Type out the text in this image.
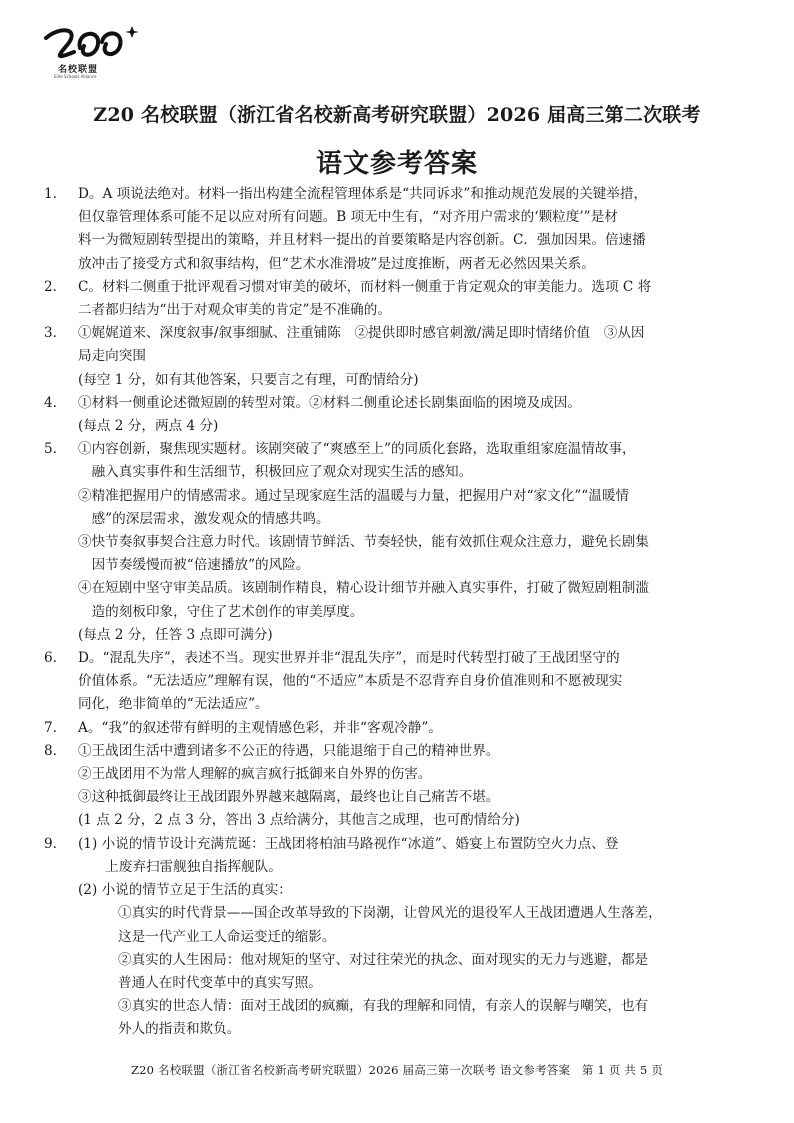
名校联盟
Elite Schools Alliance
Z20 名校联盟（浙江省名校新高考研究联盟）2026 届高三第二次联考
语文参考答案
1. D。A 项说法绝对。材料一指出构建全流程管理体系是“共同诉求”和推动规范发展的关键举措，

但仅靠管理体系可能不足以应对所有问题。B 项无中生有，“对齐用户需求的‘颗粒度’”是材

料一为微短剧转型提出的策略，并且材料一提出的首要策略是内容创新。C．强加因果。倍速播

放冲击了接受方式和叙事结构，但“艺术水准滑坡”是过度推断，两者无必然因果关系。

2. C。材料二侧重于批评观看习惯对审美的破坏，而材料一侧重于肯定观众的审美能力。选项 C 将

二者都归结为“出于对观众审美的肯定”是不准确的。

3. ①娓娓道来、深度叙事/叙事细腻、注重铺陈　②提供即时感官刺激/满足即时情绪价值　③从因

局走向突围

(每空 1 分，如有其他答案，只要言之有理，可酌情给分)

4. ①材料一侧重论述微短剧的转型对策。②材料二侧重论述长剧集面临的困境及成因。

(每点 2 分，两点 4 分)

5. ①内容创新，聚焦现实题材。该剧突破了“爽感至上”的同质化套路，选取重组家庭温情故事，

　融入真实事件和生活细节，积极回应了观众对现实生活的感知。

②精准把握用户的情感需求。通过呈现家庭生活的温暖与力量，把握用户对“家文化”“温暖情

　感”的深层需求，激发观众的情感共鸣。

③快节奏叙事契合注意力时代。该剧情节鲜活、节奏轻快，能有效抓住观众注意力，避免长剧集

　因节奏缓慢而被“倍速播放”的风险。

④在短剧中坚守审美品质。该剧制作精良，精心设计细节并融入真实事件，打破了微短剧粗制滥

　造的刻板印象，守住了艺术创作的审美厚度。

(每点 2 分，任答 3 点即可满分)

6. D。“混乱失序”，表述不当。现实世界并非“混乱失序”，而是时代转型打破了王战团坚守的

价值体系。“无法适应”理解有误，他的“不适应”本质是不忍背弃自身价值准则和不愿被现实

同化，绝非简单的“无法适应”。

7. A。“我”的叙述带有鲜明的主观情感色彩，并非“客观冷静”。

8. ①王战团生活中遭到诸多不公正的待遇，只能退缩于自己的精神世界。

②王战团用不为常人理解的疯言疯行抵御来自外界的伤害。

③这种抵御最终让王战团跟外界越来越隔离，最终也让自己痛苦不堪。

(1 点 2 分，2 点 3 分，答出 3 点给满分，其他言之成理，也可酌情给分)

9. (1) 小说的情节设计充满荒诞：王战团将柏油马路视作“冰道”、婚宴上布置防空火力点、登

　　上废弃扫雷舰独自指挥舰队。

(2) 小说的情节立足于生活的真实：

①真实的时代背景——国企改革导致的下岗潮，让曾风光的退役军人王战团遭遇人生落差，

这是一代产业工人命运变迁的缩影。

②真实的人生困局：他对规矩的坚守、对过往荣光的执念、面对现实的无力与逃避，都是

普通人在时代变革中的真实写照。

③真实的世态人情：面对王战团的疯癫，有我的理解和同情，有亲人的误解与嘲笑，也有

外人的指责和欺负。

Z20 名校联盟（浙江省名校新高考研究联盟）2026 届高三第一次联考 语文参考答案　第 1 页 共 5 页
